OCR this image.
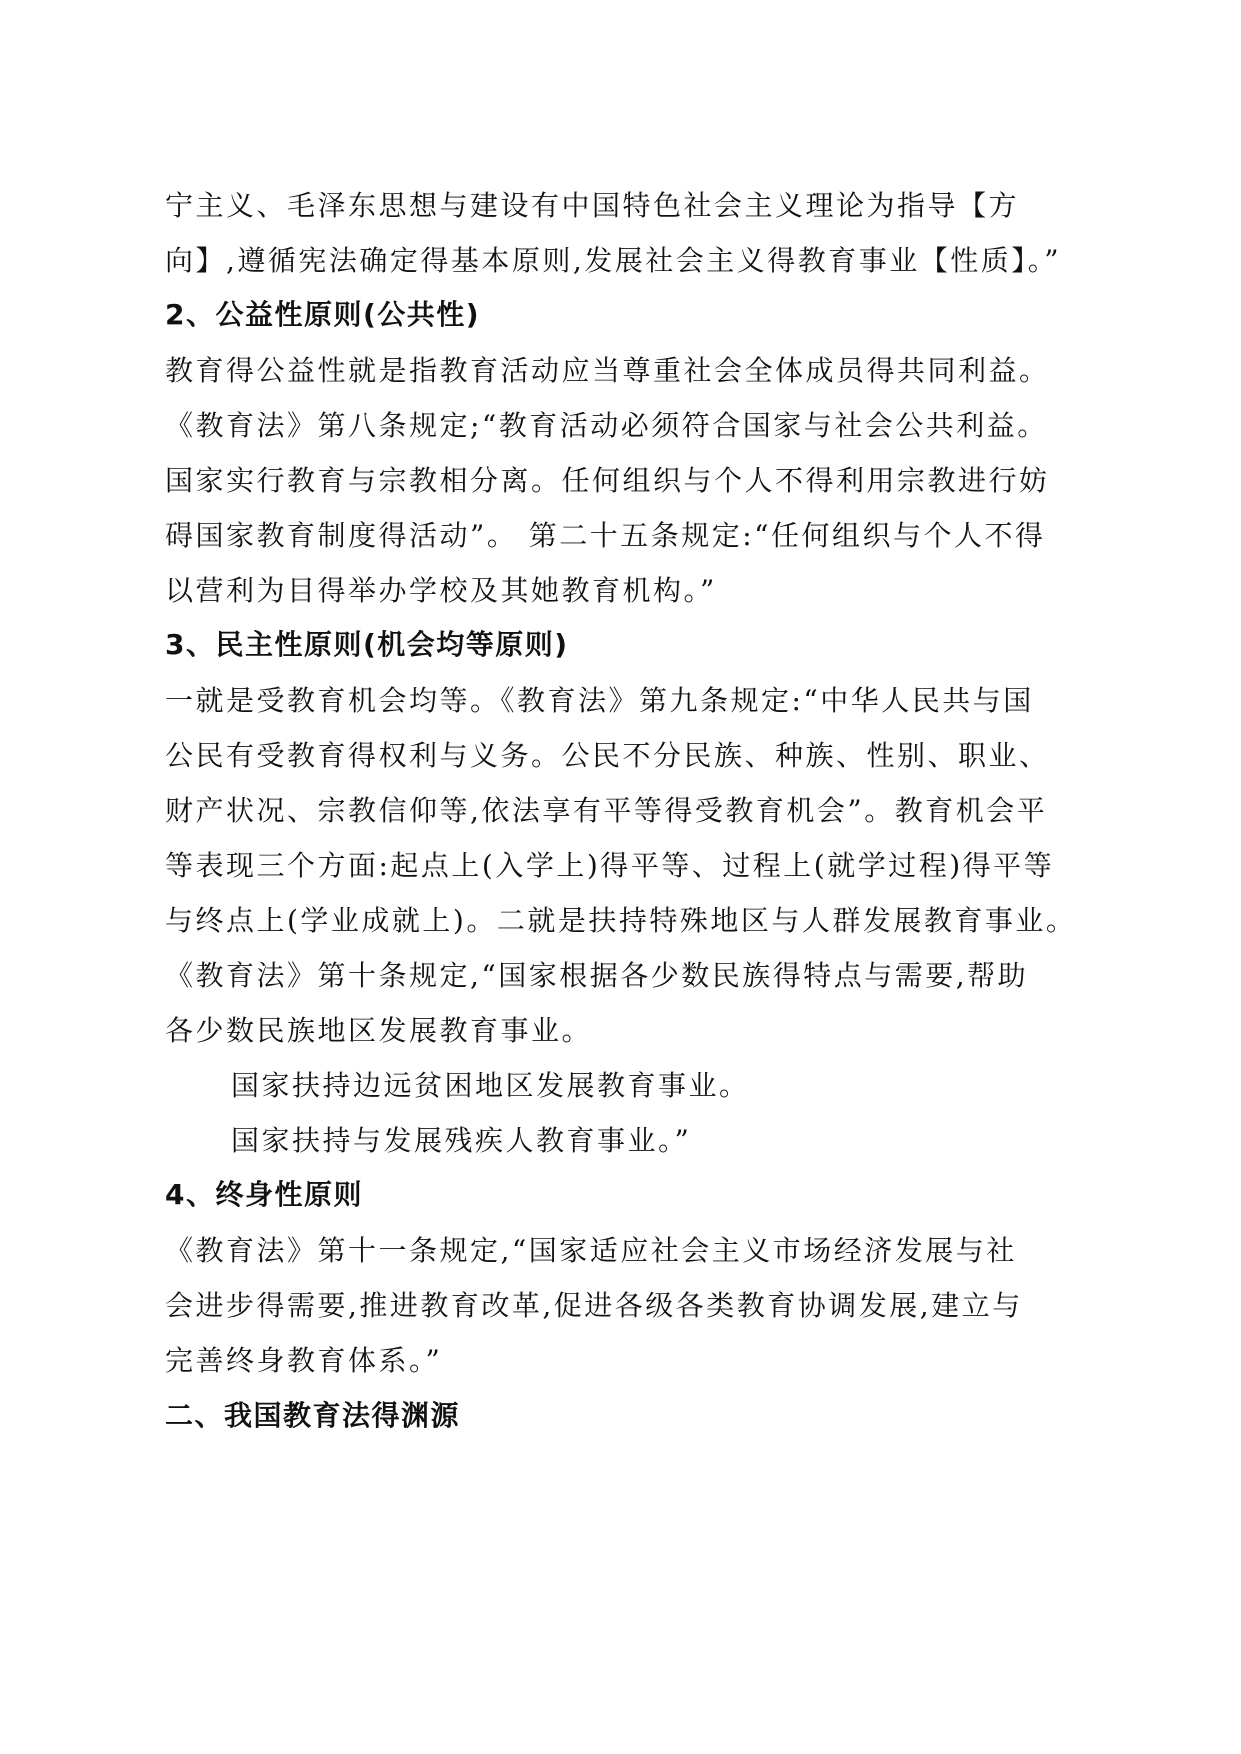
宁主义、毛泽东思想与建设有中国特色社会主义理论为指导【方

向】,遵循宪法确定得基本原则,发展社会主义得教育事业【性质】。”

2、公益性原则(公共性)

教育得公益性就是指教育活动应当尊重社会全体成员得共同利益。

《教育法》第八条规定;“教育活动必须符合国家与社会公共利益。

国家实行教育与宗教相分离。任何组织与个人不得利用宗教进行妨

碍国家教育制度得活动”。 第二十五条规定:“任何组织与个人不得

以营利为目得举办学校及其她教育机构。”

3、民主性原则(机会均等原则)

一就是受教育机会均等。《教育法》第九条规定:“中华人民共与国

公民有受教育得权利与义务。公民不分民族、种族、性别、职业、

财产状况、宗教信仰等,依法享有平等得受教育机会”。教育机会平

等表现三个方面:起点上(入学上)得平等、过程上(就学过程)得平等

与终点上(学业成就上)。二就是扶持特殊地区与人群发展教育事业。

《教育法》第十条规定,“国家根据各少数民族得特点与需要,帮助

各少数民族地区发展教育事业。

国家扶持边远贫困地区发展教育事业。

国家扶持与发展残疾人教育事业。”

4、终身性原则

《教育法》第十一条规定,“国家适应社会主义市场经济发展与社

会进步得需要,推进教育改革,促进各级各类教育协调发展,建立与

完善终身教育体系。”

二、我国教育法得渊源
